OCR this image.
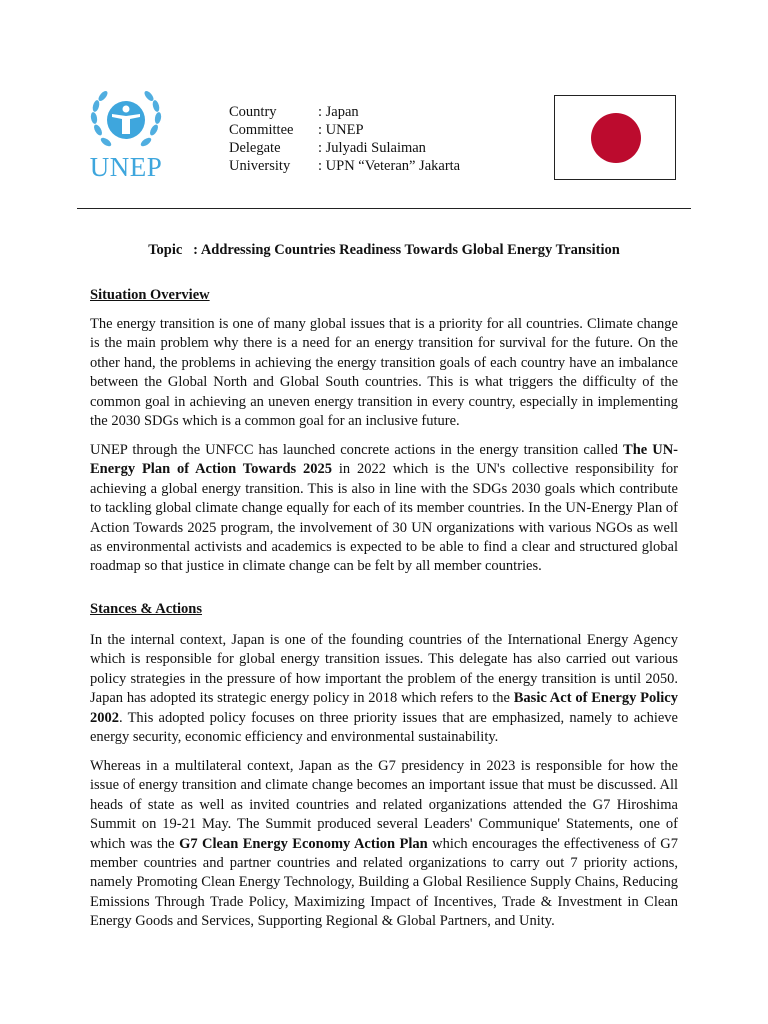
UNEP
Country	: Japan
Committee	: UNEP
Delegate	: Julyadi Sulaiman
University	: UPN “Veteran” Jakarta
Topic   : Addressing Countries Readiness Towards Global Energy Transition
Situation Overview
The energy transition is one of many global issues that is a priority for all countries. Climate change is the main problem why there is a need for an energy transition for survival for the future. On the other hand, the problems in achieving the energy transition goals of each country have an imbalance between the Global North and Global South countries. This is what triggers the difficulty of the common goal in achieving an uneven energy transition in every country, especially in implementing the 2030 SDGs which is a common goal for an inclusive future.
UNEP through the UNFCC has launched concrete actions in the energy transition called The UN-Energy Plan of Action Towards 2025 in 2022 which is the UN's collective responsibility for achieving a global energy transition. This is also in line with the SDGs 2030 goals which contribute to tackling global climate change equally for each of its member countries. In the UN-Energy Plan of Action Towards 2025 program, the involvement of 30 UN organizations with various NGOs as well as environmental activists and academics is expected to be able to find a clear and structured global roadmap so that justice in climate change can be felt by all member countries.
Stances & Actions
In the internal context, Japan is one of the founding countries of the International Energy Agency which is responsible for global energy transition issues. This delegate has also carried out various policy strategies in the pressure of how important the problem of the energy transition is until 2050. Japan has adopted its strategic energy policy in 2018 which refers to the Basic Act of Energy Policy 2002. This adopted policy focuses on three priority issues that are emphasized, namely to achieve energy security, economic efficiency and environmental sustainability.
Whereas in a multilateral context, Japan as the G7 presidency in 2023 is responsible for how the issue of energy transition and climate change becomes an important issue that must be discussed. All heads of state as well as invited countries and related organizations attended the G7 Hiroshima Summit on 19-21 May. The Summit produced several Leaders' Communique' Statements, one of which was the G7 Clean Energy Economy Action Plan which encourages the effectiveness of G7 member countries and partner countries and related organizations to carry out 7 priority actions, namely Promoting Clean Energy Technology, Building a Global Resilience Supply Chains, Reducing Emissions Through Trade Policy, Maximizing Impact of Incentives, Trade & Investment in Clean Energy Goods and Services, Supporting Regional & Global Partners, and Unity.
